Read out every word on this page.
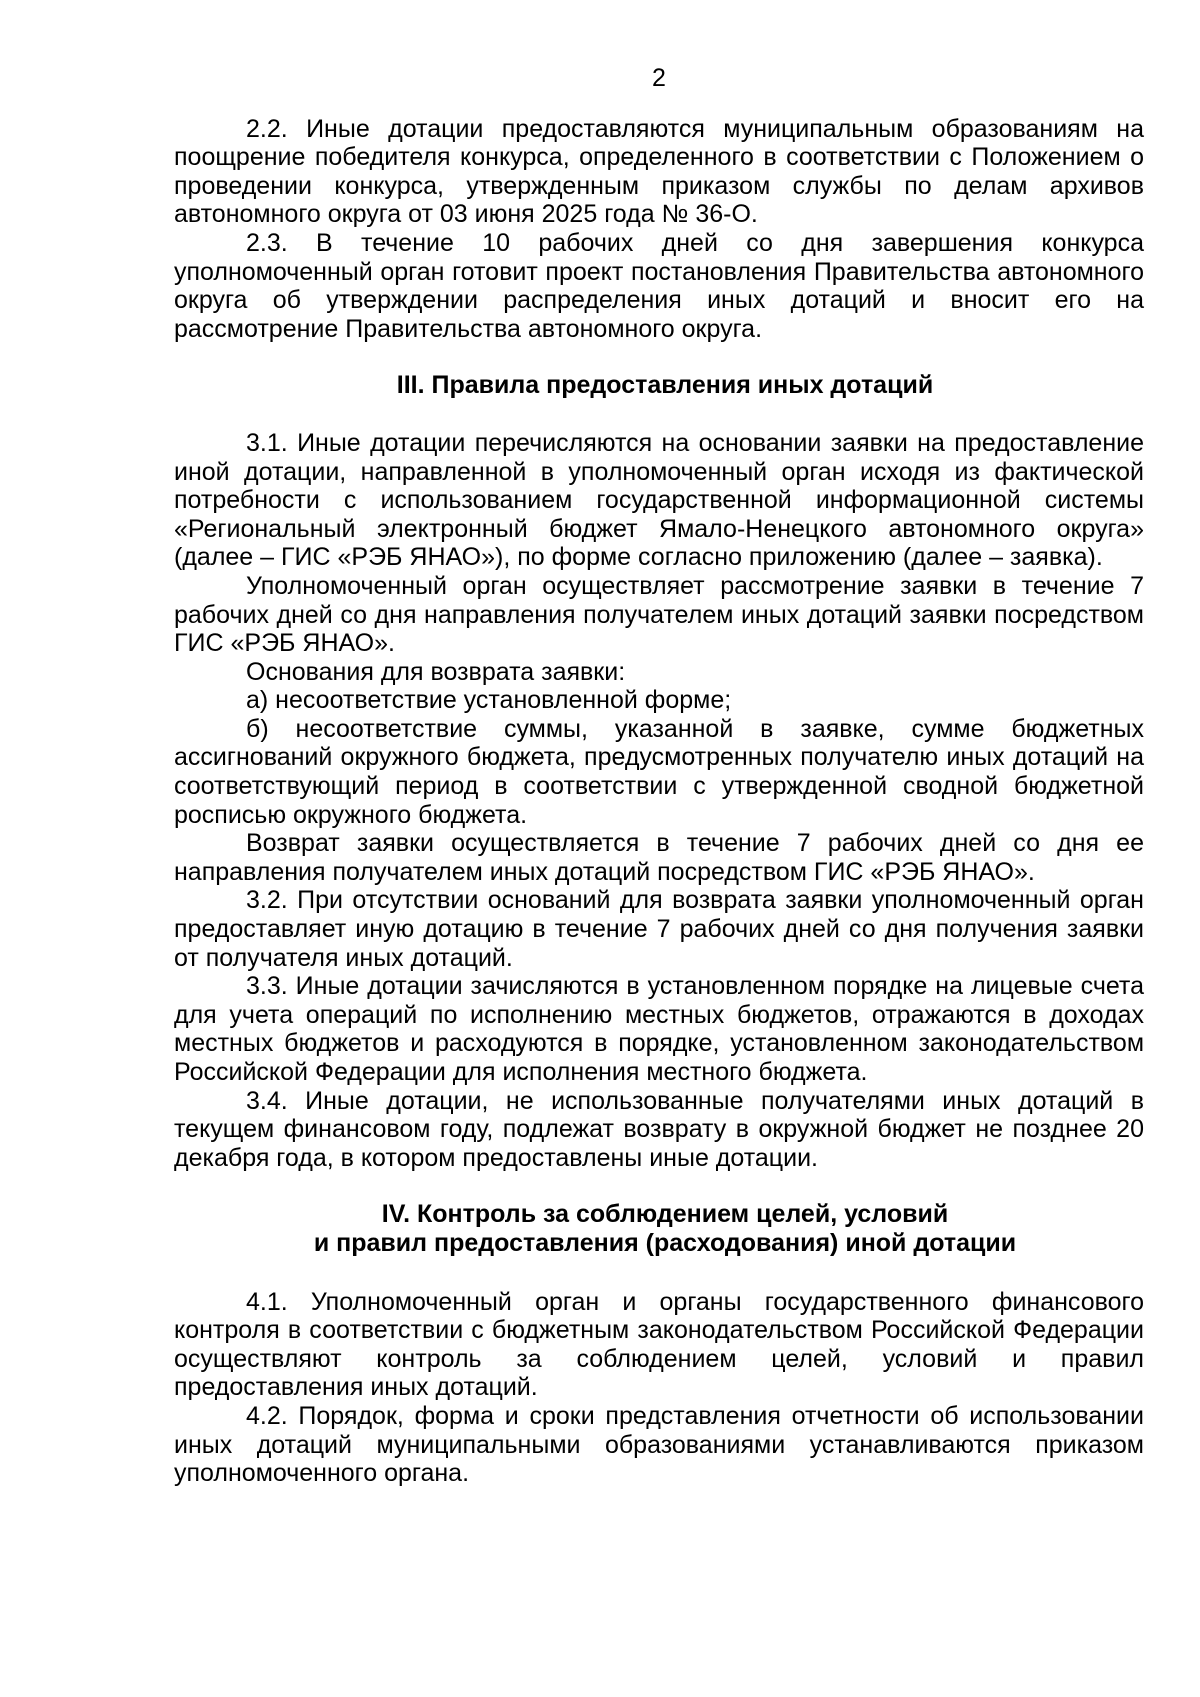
2

2.2. Иные дотации предоставляются муниципальным образованиям на поощрение победителя конкурса, определенного в соответствии с Положением о проведении конкурса, утвержденным приказом службы по делам архивов автономного округа от 03 июня 2025 года № 36-О.

2.3. В течение 10 рабочих дней со дня завершения конкурса уполномоченный орган готовит проект постановления Правительства автономного округа об утверждении распределения иных дотаций и вносит его на рассмотрение Правительства автономного округа.

III. Правила предоставления иных дотаций

3.1. Иные дотации перечисляются на основании заявки на предоставление иной дотации, направленной в уполномоченный орган исходя из фактической потребности с использованием государственной информационной системы «Региональный электронный бюджет Ямало-Ненецкого автономного округа» (далее – ГИС «РЭБ ЯНАО»), по форме согласно приложению (далее – заявка).

Уполномоченный орган осуществляет рассмотрение заявки в течение 7 рабочих дней со дня направления получателем иных дотаций заявки посредством ГИС «РЭБ ЯНАО».

Основания для возврата заявки:

а) несоответствие установленной форме;

б) несоответствие суммы, указанной в заявке, сумме бюджетных ассигнований окружного бюджета, предусмотренных получателю иных дотаций на соответствующий период в соответствии с утвержденной сводной бюджетной росписью окружного бюджета.

Возврат заявки осуществляется в течение 7 рабочих дней со дня ее направления получателем иных дотаций посредством ГИС «РЭБ ЯНАО».

3.2. При отсутствии оснований для возврата заявки уполномоченный орган предоставляет иную дотацию в течение 7 рабочих дней со дня получения заявки от получателя иных дотаций.

3.3. Иные дотации зачисляются в установленном порядке на лицевые счета для учета операций по исполнению местных бюджетов, отражаются в доходах местных бюджетов и расходуются в порядке, установленном законодательством Российской Федерации для исполнения местного бюджета.

3.4. Иные дотации, не использованные получателями иных дотаций в текущем финансовом году, подлежат возврату в окружной бюджет не позднее 20 декабря года, в котором предоставлены иные дотации.

IV. Контроль за соблюдением целей, условий
и правил предоставления (расходования) иной дотации

4.1. Уполномоченный орган и органы государственного финансового контроля в соответствии с бюджетным законодательством Российской Федерации осуществляют контроль за соблюдением целей, условий и правил предоставления иных дотаций.

4.2. Порядок, форма и сроки представления отчетности об использовании иных дотаций муниципальными образованиями устанавливаются приказом уполномоченного органа.
